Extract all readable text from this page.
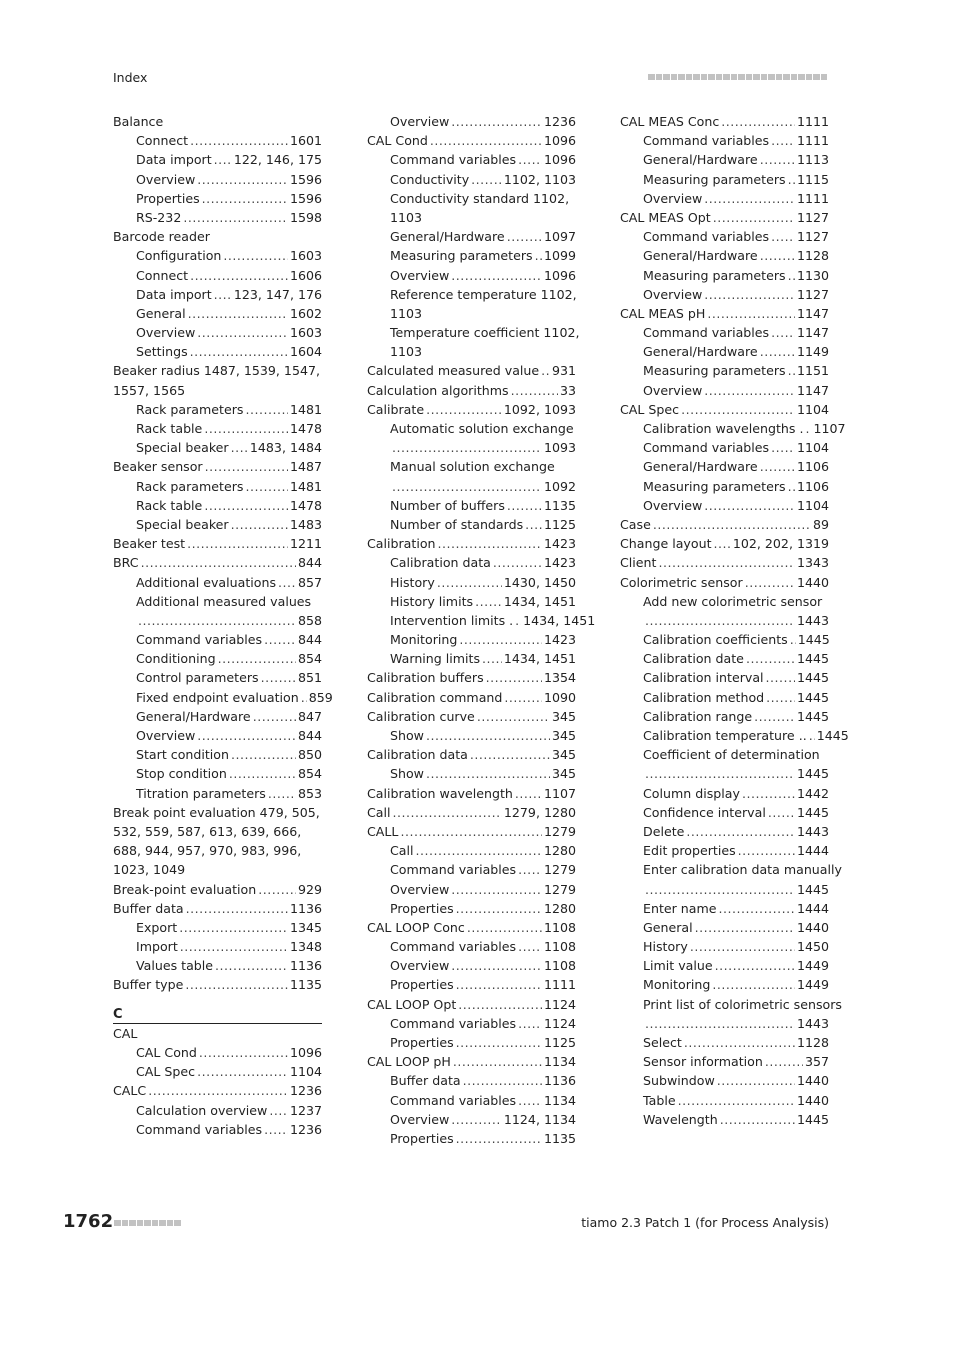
Index
Balance
Connect .....	1601
Data import ..... 122, 146, 175
Overview .....	1596
Properties .....	1596
RS-232 .....	1598
Barcode reader
Configuration .....	1603
Connect .....	1606
Data import ..... 123, 147, 176
General .....	1602
Overview .....	1603
Settings .....	1604
Beaker radius 1487, 1539, 1547,
1557, 1565
Rack parameters .....	1481
Rack table .....	1478
Special beaker ..... 1483, 1484
Beaker sensor .....	1487
Rack parameters .....	1481
Rack table .....	1478
Special beaker .....	1483
Beaker test .....	1211
BRC .....	844
Additional evaluations ..... 857
Additional measured values
.....
858
Command variables .....	844
Conditioning .....	854
Control parameters .....	851
Fixed endpoint evaluation ..... 859
General/Hardware .....	847
Overview .....	844
Start condition .....	850
Stop condition .....	854
Titration parameters .....	853
Break point evaluation 479, 505,
532, 559, 587, 613, 639, 666,
688, 944, 957, 970, 983, 996,
1023, 1049
Break-point evaluation .....	929
Buffer data .....	1136
Export .....	1345
Import .....	1348
Values table .....	1136
Buffer type .....	1135
C
CAL
CAL Cond .....	1096
CAL Spec .....	1104
CALC .....	1236
Calculation overview ..... 1237
Command variables ..... 1236
Overview .....	1236
CAL Cond .....	1096
Command variables ..... 1096
Conductivity .....	1102, 1103
Conductivity standard 1102,
1103
General/Hardware .....	1097
Measuring parameters ..... 1099
Overview .....	1096
Reference temperature 1102,
1103
Temperature coefficient 1102,
1103
Calculated measured value ..... 931
Calculation algorithms .....	33
Calibrate .....	1092, 1093
Automatic solution exchange
.....
1093
Manual solution exchange
.....
1092
Number of buffers .....	1135
Number of standards ..... 1125
Calibration .....	1423
Calibration data .....	1423
History .....	1430, 1450
History limits ..... 1434, 1451
Intervention limits . ..... 1434, 1451
Monitoring .....	1423
Warning limits ..... 1434, 1451
Calibration buffers .....	1354
Calibration command .....	1090
Calibration curve .....	345
Show .....	345
Calibration data .....	345
Show .....	345
Calibration wavelength ..... 1107
Call .....	1279, 1280
CALL .....	1279
Call .....	1280
Command variables ..... 1279
Overview .....	1279
Properties .....	1280
CAL LOOP Conc .....	1108
Command variables ..... 1108
Overview .....	1108
Properties .....	1111
CAL LOOP Opt .....	1124
Command variables ..... 1124
Properties .....	1125
CAL LOOP pH .....	1134
Buffer data .....	1136
Command variables ..... 1134
Overview .....	1124, 1134
Properties .....	1135
CAL MEAS Conc .....	1111
Command variables ..... 1111
General/Hardware .....	1113
Measuring parameters ..... 1115
Overview .....	1111
CAL MEAS Opt .....	1127
Command variables ..... 1127
General/Hardware .....	1128
Measuring parameters ..... 1130
Overview .....	1127
CAL MEAS pH .....	1147
Command variables ..... 1147
General/Hardware .....	1149
Measuring parameters ..... 1151
Overview .....	1147
CAL Spec .....	1104
Calibration wavelengths . ..... 1107
Command variables ..... 1104
General/Hardware .....	1106
Measuring parameters ..... 1106
Overview .....	1104
Case .....	89
Change layout ..... 102, 202, 1319
Client .....	1343
Colorimetric sensor .....	1440
Add new colorimetric sensor
.....
1443
Calibration coefficients ..... 1445
Calibration date .....	1445
Calibration interval .....	1445
Calibration method .....	1445
Calibration range .....	1445
Calibration temperature .. ..... 1445
Coefficient of determination
.....
1445
Column display .....	1442
Confidence interval ..... 1445
Delete .....	1443
Edit properties .....	1444
Enter calibration data manually
.....
1445
Enter name .....	1444
General .....	1440
History .....	1450
Limit value .....	1449
Monitoring .....	1449
Print list of colorimetric sensors
.....
1443
Select .....	1128
Sensor information .....	357
Subwindow .....	1440
Table .....	1440
Wavelength .....	1445
1762	tiamo 2.3 Patch 1 (for Process Analysis)
